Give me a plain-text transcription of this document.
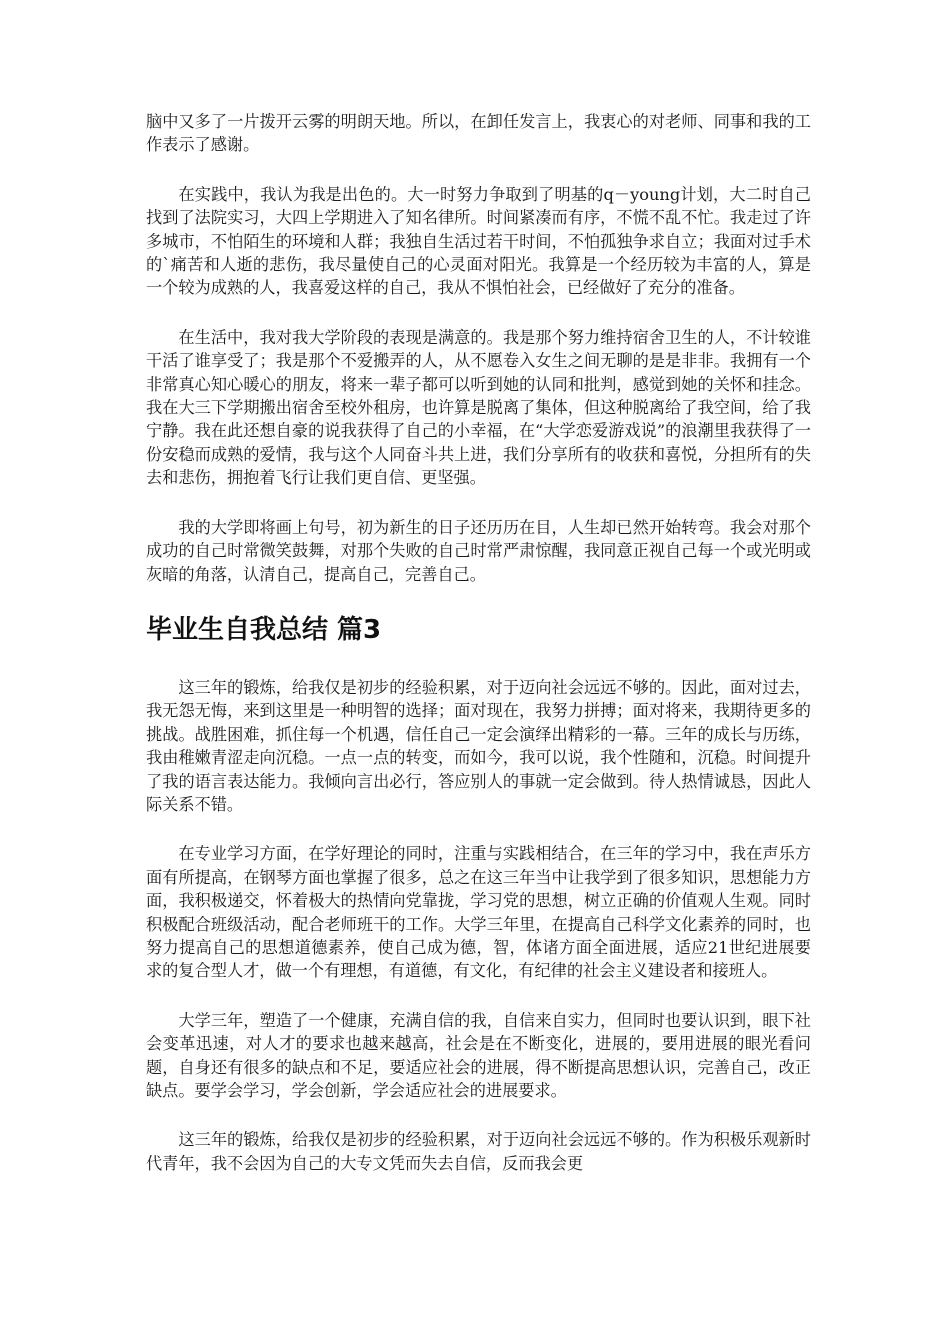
脑中又多了一片拨开云雾的明朗天地。所以，在卸任发言上，我衷心的对老师、同事和我的工作表示了感谢。

在实践中，我认为我是出色的。大一时努力争取到了明基的q－young计划，大二时自己找到了法院实习，大四上学期进入了知名律所。时间紧凑而有序，不慌不乱不忙。我走过了许多城市，不怕陌生的环境和人群；我独自生活过若干时间，不怕孤独争求自立；我面对过手术的`痛苦和人逝的悲伤，我尽量使自己的心灵面对阳光。我算是一个经历较为丰富的人，算是一个较为成熟的人，我喜爱这样的自己，我从不惧怕社会，已经做好了充分的准备。

在生活中，我对我大学阶段的表现是满意的。我是那个努力维持宿舍卫生的人，不计较谁干活了谁享受了；我是那个不爱搬弄的人，从不愿卷入女生之间无聊的是是非非。我拥有一个非常真心知心暖心的朋友，将来一辈子都可以听到她的认同和批判，感觉到她的关怀和挂念。我在大三下学期搬出宿舍至校外租房，也许算是脱离了集体，但这种脱离给了我空间，给了我宁静。我在此还想自豪的说我获得了自己的小幸福，在“大学恋爱游戏说”的浪潮里我获得了一份安稳而成熟的爱情，我与这个人同奋斗共上进，我们分享所有的收获和喜悦，分担所有的失去和悲伤，拥抱着飞行让我们更自信、更坚强。

我的大学即将画上句号，初为新生的日子还历历在目，人生却已然开始转弯。我会对那个成功的自己时常微笑鼓舞，对那个失败的自己时常严肃惊醒，我同意正视自己每一个或光明或灰暗的角落，认清自己，提高自己，完善自己。

毕业生自我总结 篇3

这三年的锻炼，给我仅是初步的经验积累，对于迈向社会远远不够的。因此，面对过去，我无怨无悔，来到这里是一种明智的选择；面对现在，我努力拼搏；面对将来，我期待更多的挑战。战胜困难，抓住每一个机遇，信任自己一定会演绎出精彩的一幕。三年的成长与历练，我由稚嫩青涩走向沉稳。一点一点的转变，而如今，我可以说，我个性随和，沉稳。时间提升了我的语言表达能力。我倾向言出必行，答应别人的事就一定会做到。待人热情诚恳，因此人际关系不错。

在专业学习方面，在学好理论的同时，注重与实践相结合，在三年的学习中，我在声乐方面有所提高，在钢琴方面也掌握了很多，总之在这三年当中让我学到了很多知识，思想能力方面，我积极递交，怀着极大的热情向党靠拢，学习党的思想，树立正确的价值观人生观。同时积极配合班级活动，配合老师班干的工作。大学三年里，在提高自己科学文化素养的同时，也努力提高自己的思想道德素养，使自己成为德，智，体诸方面全面进展，适应21世纪进展要求的复合型人才，做一个有理想，有道德，有文化，有纪律的社会主义建设者和接班人。

大学三年，塑造了一个健康，充满自信的我，自信来自实力，但同时也要认识到，眼下社会变革迅速，对人才的要求也越来越高，社会是在不断变化，进展的，要用进展的眼光看问题，自身还有很多的缺点和不足，要适应社会的进展，得不断提高思想认识，完善自己，改正缺点。要学会学习，学会创新，学会适应社会的进展要求。

这三年的锻炼，给我仅是初步的经验积累，对于迈向社会远远不够的。作为积极乐观新时代青年，我不会因为自己的大专文凭而失去自信，反而我会更
